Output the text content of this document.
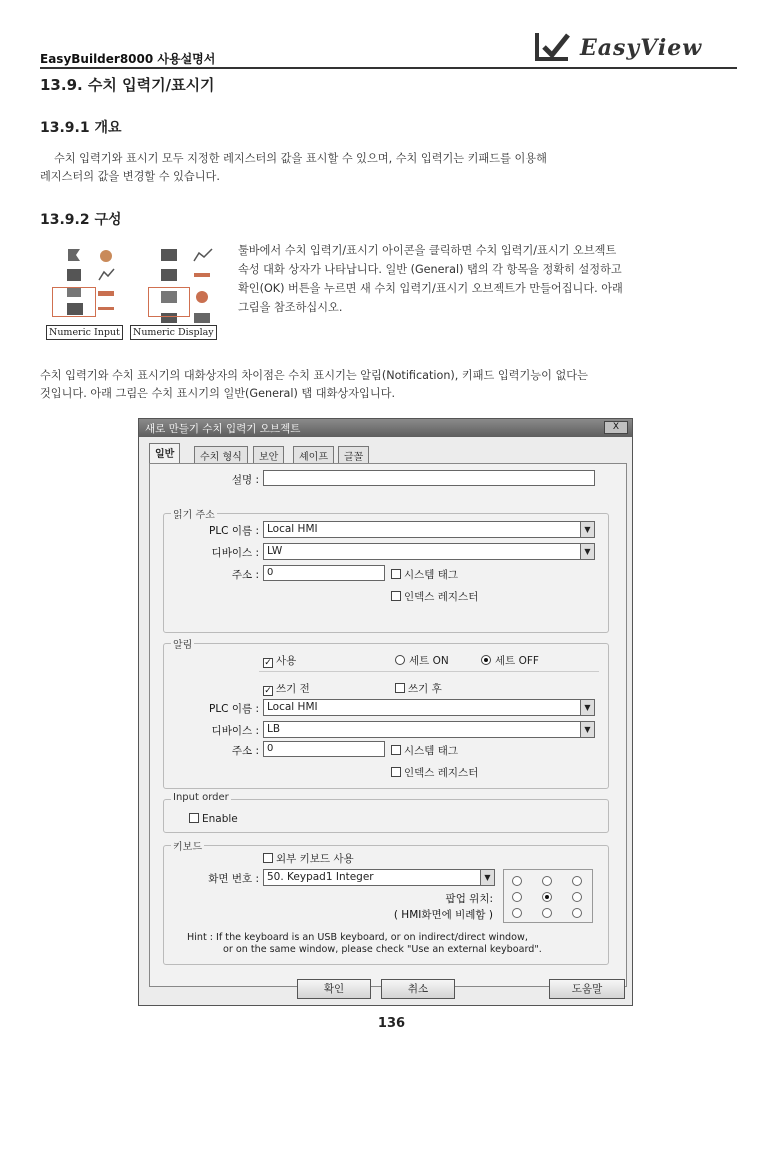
EasyBuilder8000 사용설명서	EasyView
13.9. 수치 입력기/표시기
13.9.1 개요
수치 입력기와 표시기 모두 지정한 레지스터의 값을 표시할 수 있으며, 수치 입력기는 키패드를 이용해
레지스터의 값을 변경할 수 있습니다.
13.9.2 구성
Numeric Input	Numeric Display
툴바에서 수치 입력기/표시기 아이콘을 클릭하면 수치 입력기/표시기 오브젝트
속성 대화 상자가 나타납니다. 일반 (General) 탭의 각 항목을 정확히 설정하고
확인(OK) 버튼을 누르면 새 수치 입력기/표시기 오브젝트가 만들어집니다. 아래
그림을 참조하십시오.
수치 입력기와 수치 표시기의 대화상자의 차이점은 수치 표시기는 알림(Notification), 키패드 입력기능이 없다는
것입니다. 아래 그림은 수치 표시기의 일반(General) 탭 대화상자입니다.
새로 만들기 수치 입력기 오브젝트	X
일반	수치 형식	보안	셰이프	글꼴
설명 :
읽기 주소
PLC 이름 : Local HMI	▼
디바이스 : LW	▼
주소 : 0	시스템 태그
인덱스 레지스터
알림
✓ 사용	세트 ON	세트 OFF
✓ 쓰기 전	쓰기 후
PLC 이름 : Local HMI	▼
디바이스 : LB	▼
주소 : 0	시스템 태그
인덱스 레지스터
Input order
Enable
키보드
외부 키보드 사용
화면 번호 : 50. Keypad1 Integer	▼
팝업 위치:
( HMI화면에 비례함 )
Hint : If the keyboard is an USB keyboard, or on indirect/direct window,
or on the same window, please check "Use an external keyboard".
확인	취소	도움말
136
